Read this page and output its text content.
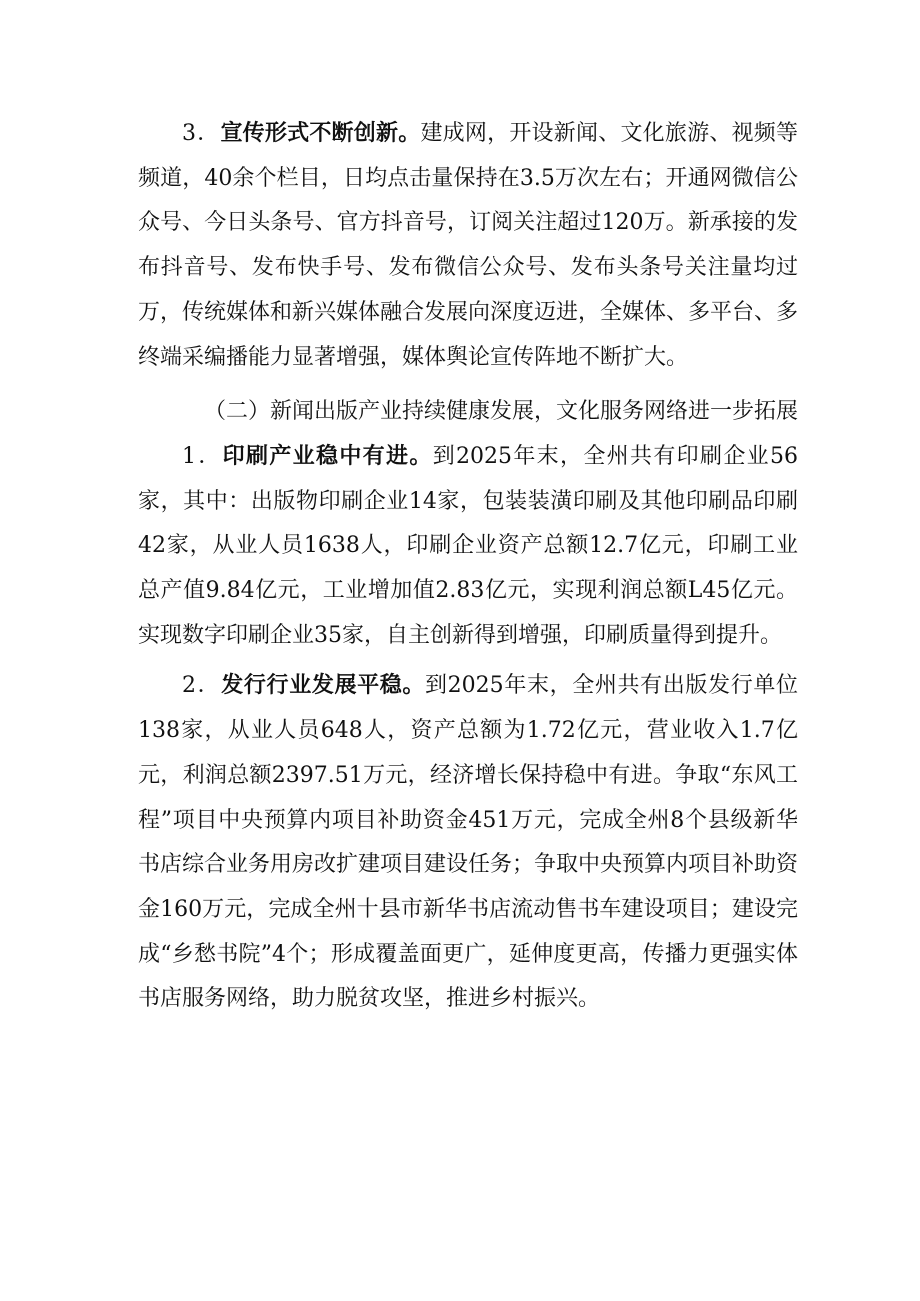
3．宣传形式不断创新。建成网，开设新闻、文化旅游、视频等频道，40余个栏目，日均点击量保持在3.5万次左右；开通网微信公众号、今日头条号、官方抖音号，订阅关注超过120万。新承接的发布抖音号、发布快手号、发布微信公众号、发布头条号关注量均过万，传统媒体和新兴媒体融合发展向深度迈进，全媒体、多平台、多终端采编播能力显著增强，媒体舆论宣传阵地不断扩大。

（二）新闻出版产业持续健康发展，文化服务网络进一步拓展

1．印刷产业稳中有进。到2025年末，全州共有印刷企业56家，其中：出版物印刷企业14家，包装装潢印刷及其他印刷品印刷42家，从业人员1638人，印刷企业资产总额12.7亿元，印刷工业总产值9.84亿元，工业增加值2.83亿元，实现利润总额L45亿元。实现数字印刷企业35家，自主创新得到增强，印刷质量得到提升。

2．发行行业发展平稳。到2025年末，全州共有出版发行单位138家，从业人员648人，资产总额为1.72亿元，营业收入1.7亿元，利润总额2397.51万元，经济增长保持稳中有进。争取“东风工程”项目中央预算内项目补助资金451万元，完成全州8个县级新华书店综合业务用房改扩建项目建设任务；争取中央预算内项目补助资金160万元，完成全州十县市新华书店流动售书车建设项目；建设完成“乡愁书院”4个；形成覆盖面更广，延伸度更高，传播力更强实体书店服务网络，助力脱贫攻坚，推进乡村振兴。
